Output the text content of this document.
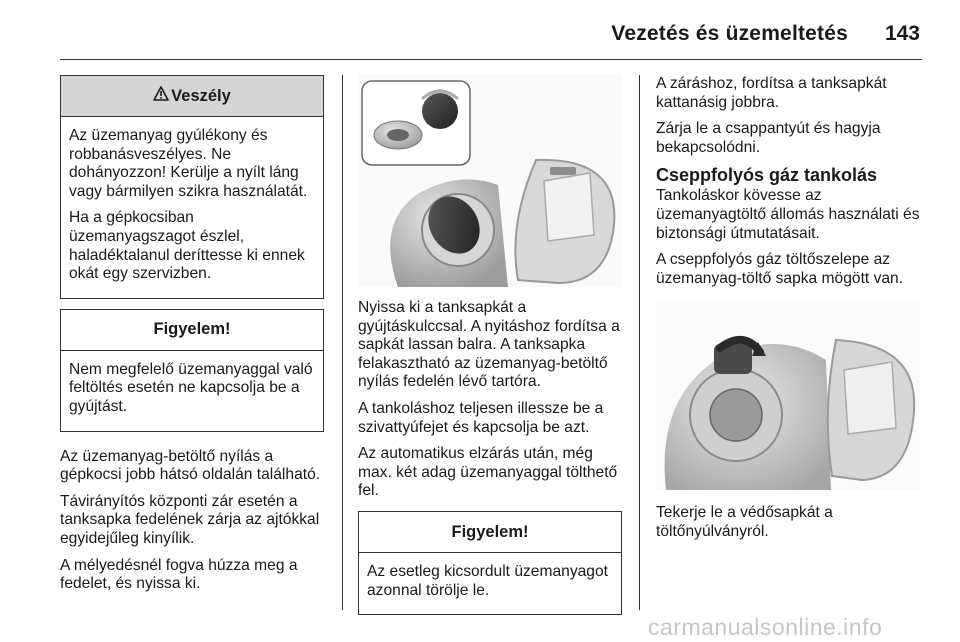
Vezetés és üzemeltetés 143
Veszély

Az üzemanyag gyúlékony és robbanásveszélyes. Ne dohányozzon! Kerülje a nyílt láng vagy bármilyen szikra használatát.

Ha a gépkocsiban üzemanyagszagot észlel, haladéktalanul deríttesse ki ennek okát egy szervizben.

Figyelem!

Nem megfelelő üzemanyaggal való feltöltés esetén ne kapcsolja be a gyújtást.

Az üzemanyag-betöltő nyílás a gépkocsi jobb hátsó oldalán található.

Távirányítós központi zár esetén a tanksapka fedelének zárja az ajtókkal egyidejűleg kinyílik.

A mélyedésnél fogva húzza meg a fedelet, és nyissa ki.

Nyissa ki a tanksapkát a gyújtáskulccsal. A nyitáshoz fordítsa a sapkát lassan balra. A tanksapka felakasztható az üzemanyag-betöltő nyílás fedelén lévő tartóra.

A tankoláshoz teljesen illessze be a szivattyúfejet és kapcsolja be azt.

Az automatikus elzárás után, még max. két adag üzemanyaggal tölthető fel.

Figyelem!

Az esetleg kicsordult üzemanyagot azonnal törölje le.

A záráshoz, fordítsa a tanksapkát kattanásig jobbra.

Zárja le a csappantyút és hagyja bekapcsolódni.

Cseppfolyós gáz tankolás

Tankoláskor kövesse az üzemanyagtöltő állomás használati és biztonsági útmutatásait.

A cseppfolyós gáz töltőszelepe az üzemanyag-töltő sapka mögött van.

Tekerje le a védősapkát a töltőnyúlványról.

carmanualsonline.info
